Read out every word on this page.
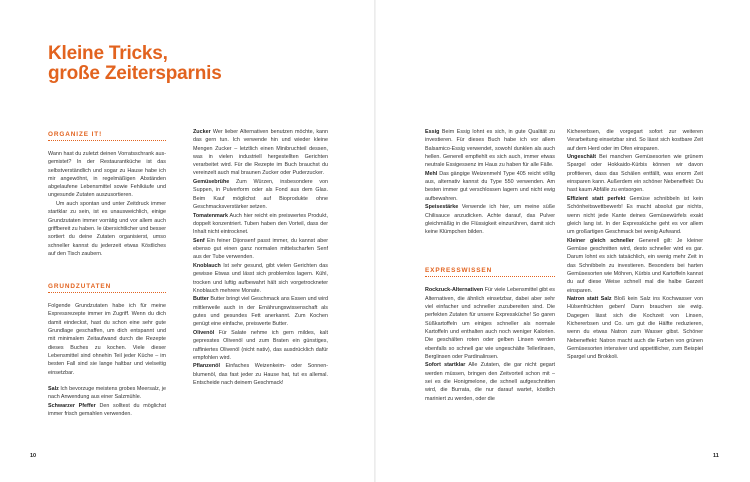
Kleine Tricks,
große Zeitersparnis
ORGANIZE IT!

Wann hast du zuletzt deinen Vorratsschrank ausgemistet? In der Restaurantküche ist das selbstverständlich und sogar zu Hause habe ich mir angewöhnt, in regelmäßigen Abständen abgelaufene Lebensmittel sowie Fehlkäufe und ungesunde Zutaten auszusortieren.

Um auch spontan und unter Zeitdruck immer startklar zu sein, ist es unausweichlich, einige Grundzutaten immer vorrätig und vor allem auch griffbereit zu haben. Ie übersichtlicher und besser sortiert du deine Zutaten organisierst, umso schneller kannst du jederzeit etwas Köstliches auf den Tisch zaubern.

GRUNDZUTATEN

Folgende Grundzutaten habe ich für meine Expressrezepte immer im Zugriff. Wenn du dich damit eindeckst, hast du schon eine sehr gute Grundlage geschaffen, um dich entspannt und mit minimalem Zeitaufwand durch die Rezepte dieses Buches zu kochen. Viele dieser Lebensmittel sind ohnehin Teil jeder Küche – im besten Fall sind sie lange haltbar und vielseitig einsetzbar.

Salz Ich bevorzuge meistens grobes Meersalz, je nach Anwendung aus einer Salzmühle.

Schwarzer Pfeffer Den solltest du möglichst immer frisch gemahlen verwenden.

Zucker Wer lieber Alternativen benutzen möchte, kann das gern tun. Ich verwende hin und wieder kleine Mengen Zucker – letztlich einen Minibruchteil dessen, was in vielen industriell hergestellten Gerichten verarbeitet wird. Für die Rezepte im Buch brauchst du vereinzelt auch mal braunen Zucker oder Puderzucker.

Gemüsebrühe Zum Würzen, insbesondere von Suppen, in Pulverform oder als Fond aus dem Glas. Beim Kauf möglichst auf Bioprodukte ohne Geschmacksverstärker setzen.

Tomatenmark Auch hier reicht ein preiswertes Produkt, doppelt konzentriert. Tuben haben den Vorteil, dass der Inhalt nicht eintrocknet.

Senf Ein feiner Dijonsenf passt immer, du kannst aber ebenso gut einen ganz normalen mittelscharfen Senf aus der Tube verwenden.

Knoblauch Ist sehr gesund, gibt vielen Gerichten das gewisse Etwas und lässt sich problemlos lagern. Kühl, trocken und luftig aufbewahrt hält sich vorgetrockneter Knoblauch mehrere Monate.

Butter Butter bringt viel Geschmack ans Essen und wird mittlerweile auch in der Ernährungswissenschaft als gutes und gesundes Fett anerkannt. Zum Kochen genügt eine einfache, preiswerte Butter.

Olivenöl Für Salate nehme ich gern mildes, kalt gepresstes Olivenöl und zum Braten ein günstiges, raffiniertes Olivenöl (nicht nativ), das ausdrücklich dafür empfohlen wird.

Pflanzenöl Einfaches Weizenkeim- oder Sonnenblumenöl, das fast jeder zu Hause hat, tut es allemal. Entscheide nach deinem Geschmack!

Essig Beim Essig lohnt es sich, in gute Qualität zu investieren. Für dieses Buch habe ich vor allem Balsamico-Essig verwendet, sowohl dunklen als auch hellen. Generell empfiehlt es sich auch, immer etwas neutrale Essigessenz im Haus zu haben für alle Fälle.

Mehl Das gängige Weizenmehl Type 405 reicht völlig aus, alternativ kannst du Type 550 verwenden. Am besten immer gut verschlossen lagern und nicht ewig aufbewahren.

Speisestärke Verwende ich hier, um meine süße Chilisauce anzudicken. Achte darauf, das Pulver gleichmäßig in die Flüssigkeit einzurühren, damit sich keine Klümpchen bilden.

EXPRESSWISSEN

Rockzuck-Alternativen Für viele Lebensmittel gibt es Alternativen, die ähnlich einsetzbar, dabei aber sehr viel einfacher und schneller zuzubereiten sind. Die perfekten Zutaten für unsere Expressküche! So garen Süßkartoffeln um einiges schneller als normale Kartoffeln und enthalten auch noch weniger Kalorien. Die geschälten roten oder gelben Linsen werden ebenfalls so schnell gar wie ungeschälte Tellerlinsen, Berglinsen oder Pardinalinsen.

Sofort startklar Alle Zutaten, die gar nicht gegart werden müssen, bringen den Zeitvorteil schon mit – sei es die Honigmelone, die schnell aufgeschnitten wird, die Burrata, die nur darauf wartet, köstlich mariniert zu werden, oder die

Kichererbsen, die vorgegart sofort zur weiteren Verarbeitung einsetzbar sind. So lässt sich kostbare Zeit auf dem Herd oder im Ofen einsparen.

Ungeschält Bei manchen Gemüsesorten wie grünem Spargel oder Hokkaido-Kürbis können wir davon profitieren, dass das Schälen entfällt, was enorm Zeit einsparen kann. Außerdem ein schöner Nebeneffekt: Du hast kaum Abfälle zu entsorgen.

Effizient statt perfekt Gemüse schnibbeln ist kein Schönheitswettbewerb! Es macht absolut gar nichts, wenn nicht jede Kante deines Gemüsewürfels exakt gleich lang ist. In der Expressküche geht es vor allem um großartigen Geschmack bei wenig Aufwand.

Kleiner gleich schneller Generell gilt: Je kleiner Gemüse geschnitten wird, desto schneller wird es gar. Darum lohnt es sich tatsächlich, ein wenig mehr Zeit in das Schnibbeln zu investieren. Besonders bei harten Gemüsesorten wie Möhren, Kürbis und Kartoffeln kannst du auf diese Weise schnell mal die halbe Garzeit einsparen.

Natron statt Salz Bloß kein Salz ins Kochwasser von Hülsenfrüchten geben! Dann brauchen sie ewig. Dagegen lässt sich die Kochzeit von Linsen, Kichererbsen und Co. um gut die Hälfte reduzieren, wenn du etwas Natron zum Wasser gibst. Schöner Nebeneffekt: Natron macht auch die Farben von grünen Gemüsesorten intensiver und appetitlicher, zum Beispiel Spargel und Brokkoli.

10	11
